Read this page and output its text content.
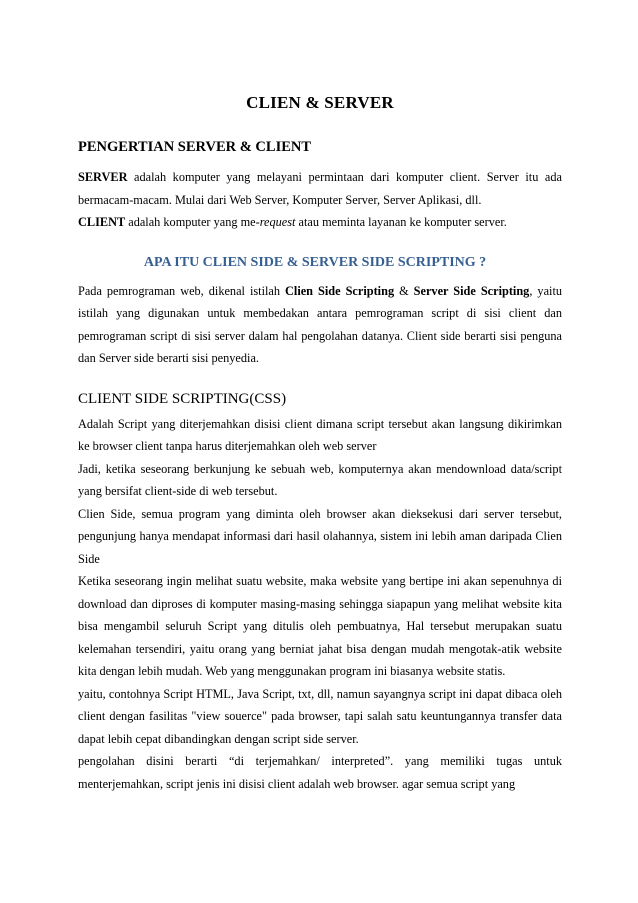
CLIEN & SERVER
PENGERTIAN SERVER & CLIENT

SERVER adalah komputer yang melayani permintaan dari komputer client. Server itu ada bermacam-macam. Mulai dari Web Server, Komputer Server, Server Aplikasi, dll.

CLIENT adalah komputer yang me-request atau meminta layanan ke komputer server.

APA ITU CLIEN SIDE & SERVER SIDE SCRIPTING ?

Pada pemrograman web, dikenal istilah Clien Side Scripting & Server Side Scripting, yaitu istilah yang digunakan untuk membedakan antara pemrograman script di sisi client dan pemrograman script di sisi server dalam hal pengolahan datanya. Client side berarti sisi penguna dan Server side berarti sisi penyedia.

CLIENT SIDE SCRIPTING(CSS)

Adalah Script yang diterjemahkan disisi client dimana script tersebut akan langsung dikirimkan ke browser client tanpa harus diterjemahkan oleh web server

Jadi, ketika seseorang berkunjung ke sebuah web, komputernya akan mendownload data/script yang bersifat client-side di web tersebut.

Clien Side, semua program yang diminta oleh browser akan dieksekusi dari server tersebut, pengunjung hanya mendapat informasi dari hasil olahannya, sistem ini lebih aman daripada Clien Side

Ketika seseorang ingin melihat suatu website, maka website yang bertipe ini akan sepenuhnya di download dan diproses di komputer masing-masing sehingga siapapun yang melihat website kita bisa mengambil seluruh Script yang ditulis oleh pembuatnya, Hal tersebut merupakan suatu kelemahan tersendiri, yaitu orang yang berniat jahat bisa dengan mudah mengotak-atik website kita dengan lebih mudah. Web yang menggunakan program ini biasanya website statis.

yaitu, contohnya Script HTML, Java Script, txt, dll, namun sayangnya script ini dapat dibaca oleh client dengan fasilitas "view souerce" pada browser, tapi salah satu keuntungannya transfer data dapat lebih cepat dibandingkan dengan script side server.

pengolahan disini berarti “di terjemahkan/ interpreted”. yang memiliki tugas untuk menterjemahkan, script jenis ini disisi client adalah web browser. agar semua script yang
